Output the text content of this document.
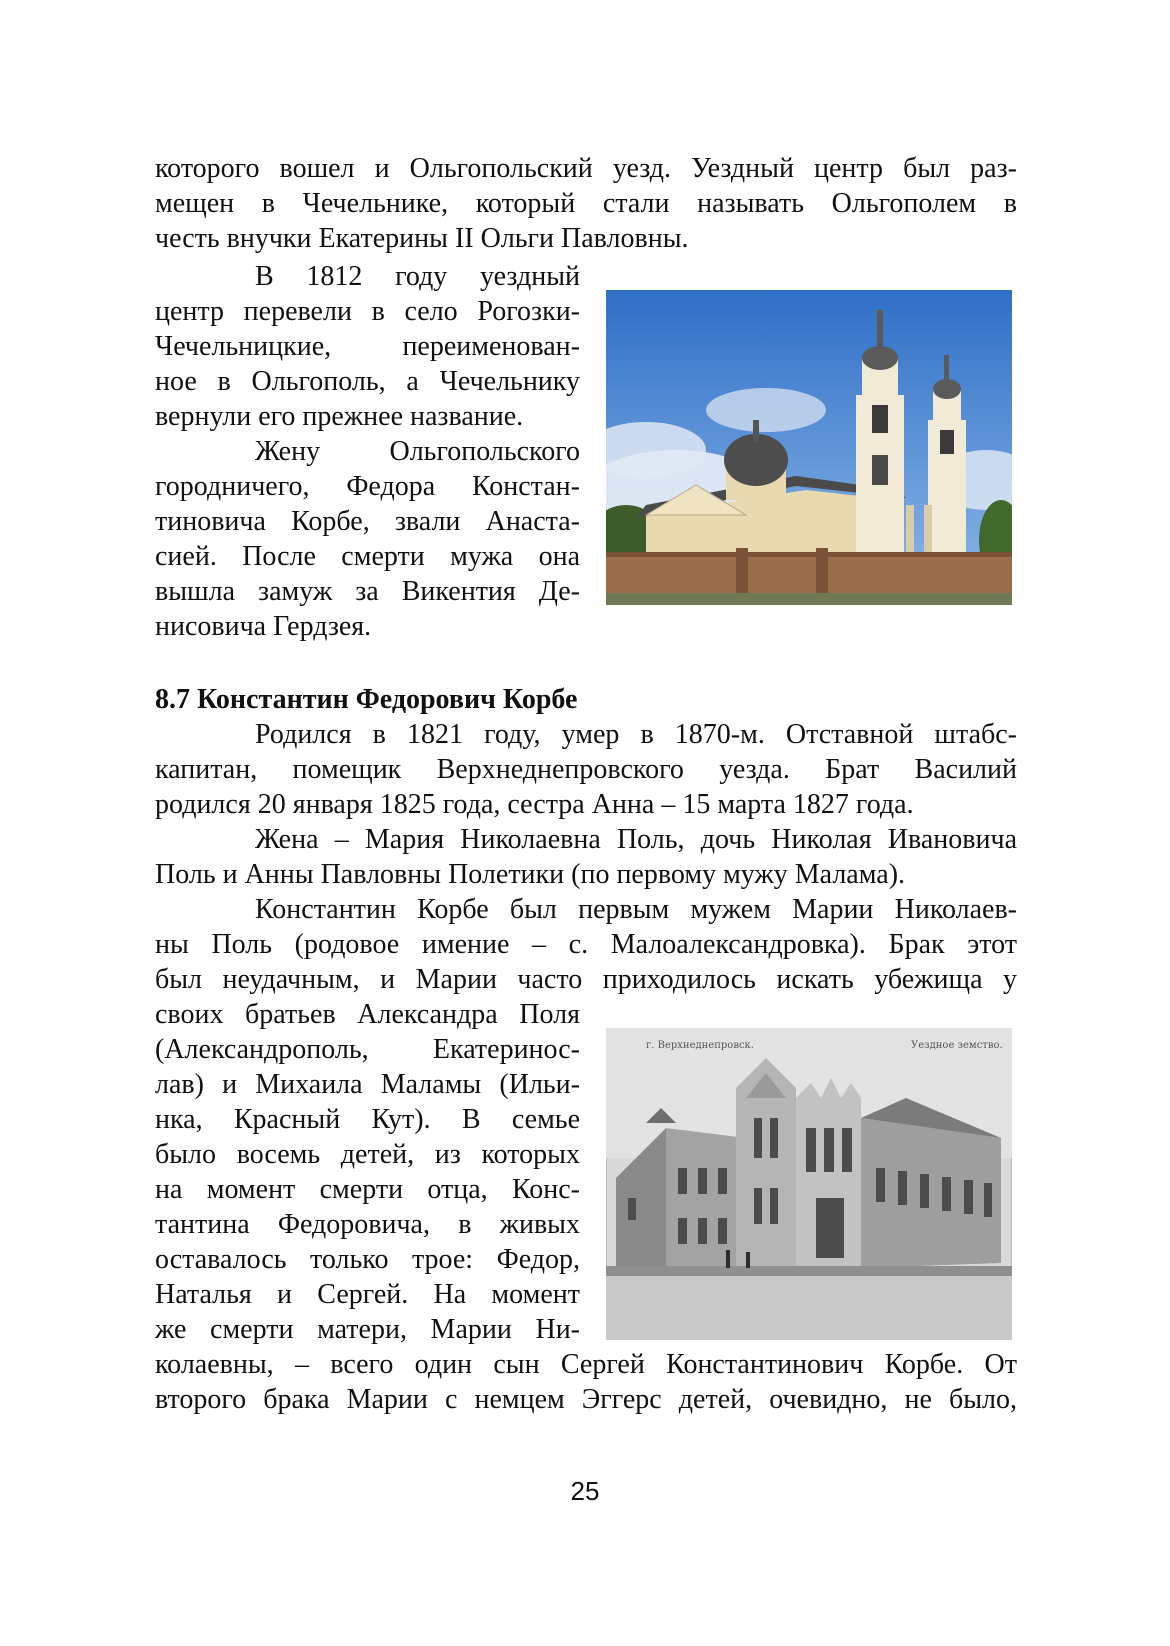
которого вошел и Ольгопольский уезд. Уездный центр был раз-
мещен в Чечельнике, который стали называть Ольгополем в
честь внучки Екатерины II Ольги Павловны.
В 1812 году уездный
центр перевели в село Рогозки-
Чечельницкие, переименован-
ное в Ольгополь, а Чечельнику
вернули его прежнее название.
Жену Ольгопольского
городничего, Федора Констан-
тиновича Корбе, звали Анаста-
сией. После смерти мужа она
вышла замуж за Викентия Де-
нисовича Гердзея.
8.7 Константин Федорович Корбе
Родился в 1821 году, умер в 1870-м. Отставной штабс-
капитан, помещик Верхнеднепровского уезда. Брат Василий
родился 20 января 1825 года, сестра Анна – 15 марта 1827 года.
Жена – Мария Николаевна Поль, дочь Николая Ивановича
Поль и Анны Павловны Полетики (по первому мужу Малама).
Константин Корбе был первым мужем Марии Николаев-
ны Поль (родовое имение – с. Малоалександровка). Брак этот
был неудачным, и Марии часто приходилось искать убежища у
своих братьев Александра Поля
(Александрополь, Екатеринос-
лав) и Михаила Маламы (Ильи-
нка, Красный Кут). В семье
было восемь детей, из которых
на момент смерти отца, Конс-
тантина Федоровича, в живых
оставалось только трое: Федор,
Наталья и Сергей. На момент
же смерти матери, Марии Ни-
колаевны, – всего один сын Сергей Константинович Корбе. От
второго брака Марии с немцем Эггерс детей, очевидно, не было,
г. Верхнеднепровск.	Уездное земство.
25
